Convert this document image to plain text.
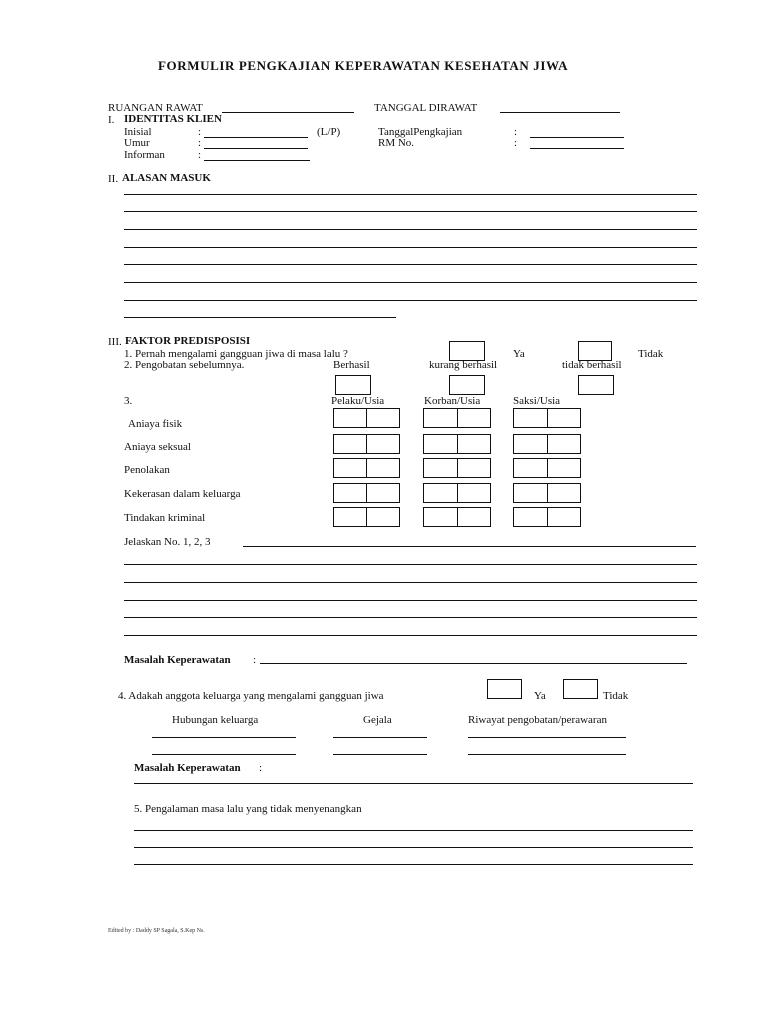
FORMULIR PENGKAJIAN KEPERAWATAN KESEHATAN JIWA
RUANGAN RAWAT	TANGGAL DIRAWAT
I. IDENTITAS KLIEN
Inisial	:	(L/P)
Umur	:
Informan	:
TanggalPengkajian	:
RM No.	:
II. ALASAN MASUK
III. FAKTOR PREDISPOSISI
1. Pernah mengalami gangguan jiwa di masa lalu ?	Ya	Tidak
2. Pengobatan sebelumnya.	Berhasil	kurang berhasil	tidak berhasil
3.	Pelaku/Usia	Korban/Usia	Saksi/Usia
Aniaya fisik
Aniaya seksual
Penolakan
Kekerasan dalam keluarga
Tindakan kriminal
Jelaskan No. 1, 2, 3
Masalah Keperawatan :
4. Adakah anggota keluarga yang mengalami gangguan jiwa	Ya	Tidak
Hubungan keluarga	Gejala	Riwayat pengobatan/perawaran
Masalah Keperawatan :
5. Pengalaman masa lalu yang tidak menyenangkan
Edited by : Daddy SP Sagala, S.Kep Ns.
